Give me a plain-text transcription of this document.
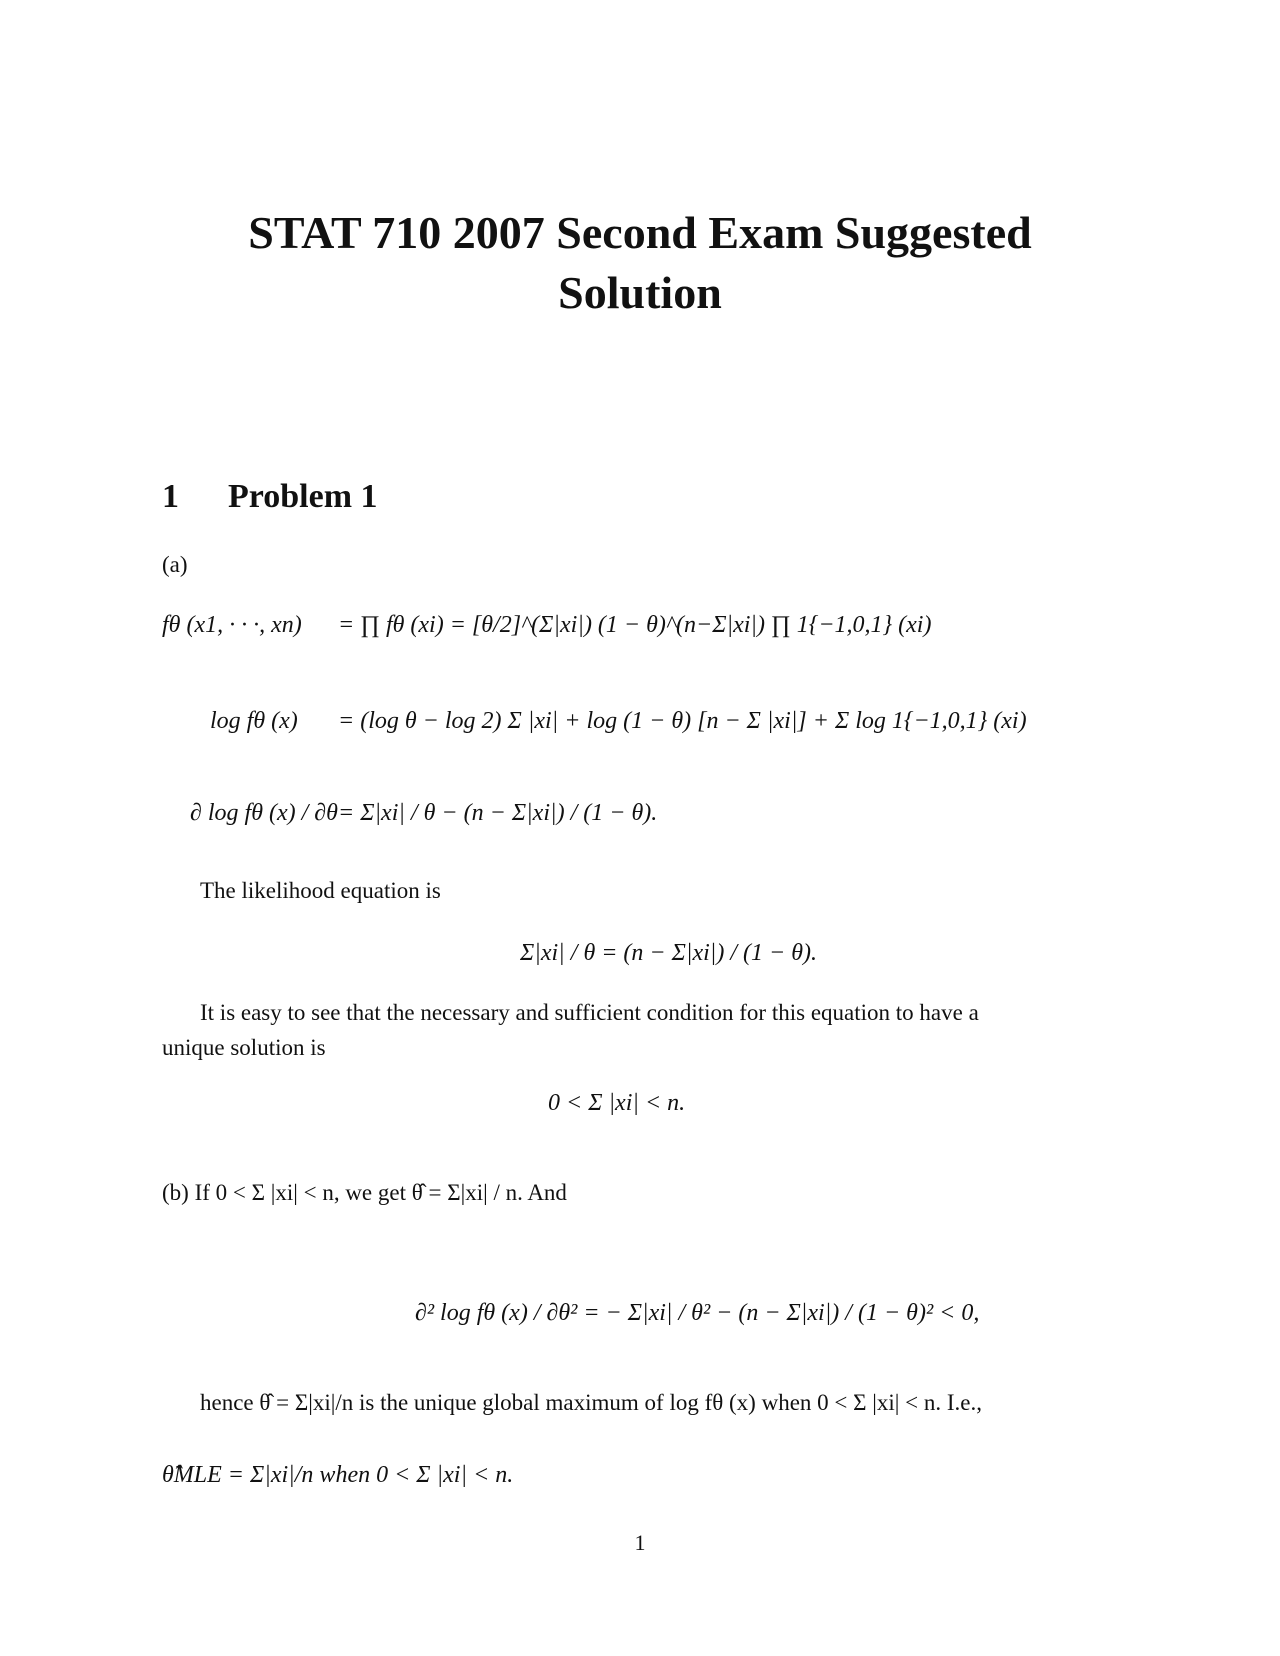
STAT 710 2007 Second Exam Suggested
Solution
1 Problem 1
(a)
fθ (x1, · · ·, xn) = ∏ fθ (xi) = [θ/2]^(Σ|xi|) (1 − θ)^(n−Σ|xi|) ∏ 1{−1,0,1} (xi)
log fθ (x) = (log θ − log 2) Σ |xi| + log (1 − θ) [n − Σ |xi|] + Σ log 1{−1,0,1} (xi)
∂ log fθ (x) / ∂θ = Σ|xi| / θ − (n − Σ|xi|) / (1 − θ).
The likelihood equation is
Σ|xi| / θ = (n − Σ|xi|) / (1 − θ).
It is easy to see that the necessary and sufficient condition for this equation to have a
unique solution is
0 < Σ |xi| < n.
(b) If 0 < Σ |xi| < n, we get θ̂ = Σ|xi| / n. And
∂² log fθ (x) / ∂θ² = − Σ|xi| / θ² − (n − Σ|xi|) / (1 − θ)² < 0,
hence θ̂ = Σ|xi|/n is the unique global maximum of log fθ (x) when 0 < Σ |xi| < n. I.e.,
θ̂MLE = Σ|xi|/n when 0 < Σ |xi| < n.
1
